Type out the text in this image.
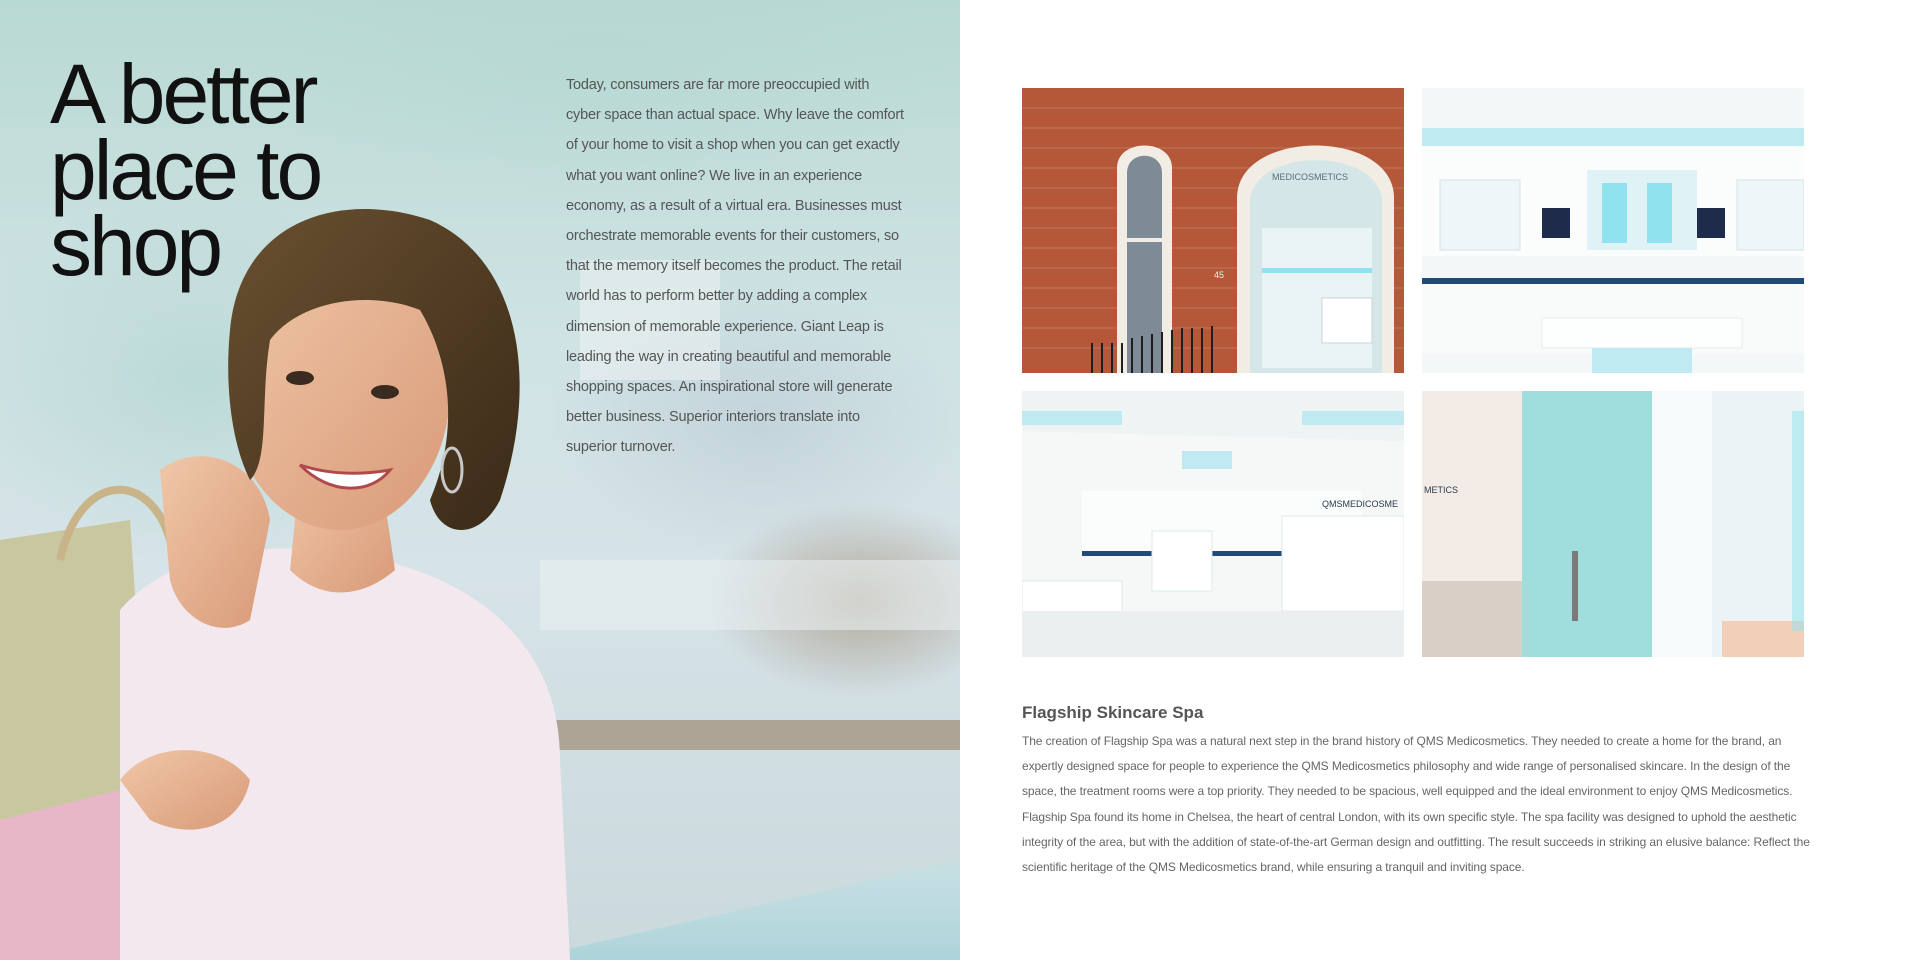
A better
place to
shop

Today, consumers are far more preoccupied with cyber space than actual space. Why leave the comfort of your home to visit a shop when you can get exactly what you want online? We live in an experience economy, as a result of a virtual era. Businesses must orchestrate memorable events for their customers, so that the memory itself becomes the product. The retail world has to perform better by adding a complex dimension of memorable experience. Giant Leap is leading the way in creating beautiful and memorable shopping spaces. An inspirational store will generate better business. Superior interiors translate into superior turnover.

MEDICOSMETICS
45
QMSMEDICOSME
METICS
Flagship Skincare Spa

The creation of Flagship Spa was a natural next step in the brand history of QMS Medicosmetics. They needed to create a home for the brand, an expertly designed space for people to experience the QMS Medicosmetics philosophy and wide range of personalised skincare. In the design of the space, the treatment rooms were a top priority. They needed to be spacious, well equipped and the ideal environment to enjoy QMS Medicosmetics. Flagship Spa found its home in Chelsea, the heart of central London, with its own specific style. The spa facility was designed to uphold the aesthetic integrity of the area, but with the addition of state-of-the-art German design and outfitting. The result succeeds in striking an elusive balance: Reflect the scientific heritage of the QMS Medicosmetics brand, while ensuring a tranquil and inviting space.
